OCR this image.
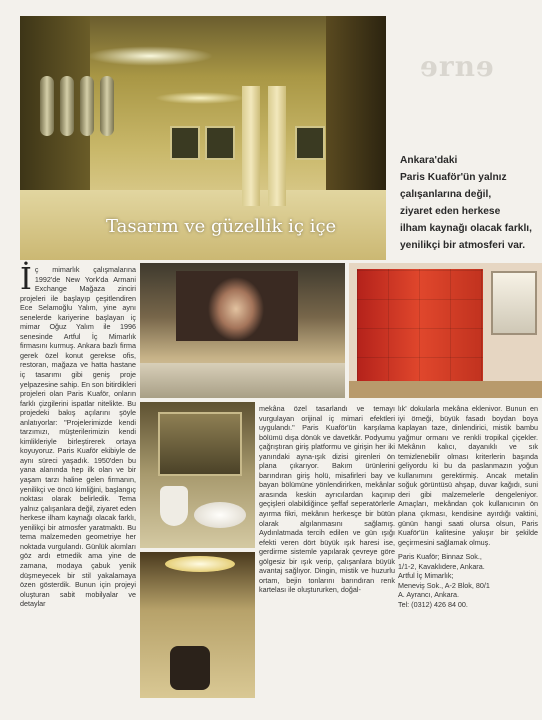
ɘrnɘ
Tasarım ve güzellik iç içe

Ankara'daki

Paris Kuaför'ün yalnız

çalışanlarına değil,

ziyaret eden herkese

ilham kaynağı olacak farklı,

yenilikçi bir atmosferi var.

İ ç mimarlık çalışmalarına 1992'de New York'da Armani Exchange Mağaza zinciri projeleri ile başlayıp çeşitlendiren Ece Selamoğlu Yalım, yine aynı senelerde kariyerine başlayan iç mimar Oğuz Yalım ile 1996 senesinde Artful İç Mimarlık firmasını kurmuş. Ankara bazlı firma gerek özel konut gerekse ofis, restoran, mağaza ve hatta hastane iç tasarımı gibi geniş proje yelpazesine sahip. En son bitirdikleri projeleri olan Paris Kuaför, onların farklı çizgilerini ispatlar nitelikte. Bu projedeki bakış açılarını şöyle anlatıyorlar: "Projelerimizde kendi tarzımızı, müşterilerimizin kendi kimlikleriyle birleştirerek ortaya koyuyoruz. Paris Kuaför ekibiyle de aynı süreci yaşadık. 1950'den bu yana alanında hep ilk olan ve bir yaşam tarzı haline gelen firmanın, yenilikçi ve öncü kimliğini, başlangıç noktası olarak belirledik. Tema yalnız çalışanlara değil, ziyaret eden herkese ilham kaynağı olacak farklı, yenilikçi bir atmosfer yaratmaktı. Bu tema malzemeden geometriye her noktada vurgulandı. Günlük akımları göz ardı etmedik ama yine de zamana, modaya çabuk yenik düşmeyecek bir stil yakalamaya özen gösterdik. Bunun için projeyi oluşturan sabit mobilyalar ve detaylar

mekâna özel tasarlandı ve temayı vurgulayan orijinal iç mimari efektleri uygulandı." Paris Kuaför'ün karşılama bölümü dışa dönük ve davetkâr. Podyumu çağrıştıran giriş platformu ve girişin her iki yanındaki ayna-ışık dizisi girenleri ön plana çıkarıyor. Bakım ürünlerini barındıran giriş holü, misafirleri bay ve bayan bölümüne yönlendirirken, mekânlar arasında keskin ayrıcılardan kaçınıp geçişleri olabildiğince şeffaf seperatörlerle ayırma fikri, mekânın herkesçe bir bütün olarak algılanmasını sağlamış. Aydınlatmada tercih edilen ve gün ışığı efekti veren dört büyük ışık haresi ise, gerdirme sistemle yapılarak çevreye göre gölgesiz bir ışık verip, çalışanlara büyük avantaj sağlıyor. Dingin, mistik ve huzurlu ortam, bejin tonlarını barındıran renk kartelası ile oluştururken, doğal-

lık' dokularla mekâna eklenivor. Bunun en iyi örneği, büyük fasadı boydan boya kaplayan taze, dinlendirici, mistik bambu yağmur ormanı ve renkli tropikal çiçekler. Mekânın kalıcı, dayanıklı ve sık temizlenebilir olması kriterlerin başında geliyordu ki bu da paslanmazın yoğun kullanımını gerektirmiş. Ancak metalin soğuk görüntüsü ahşap, duvar kağıdı, suni deri gibi malzemelerle dengeleniyor. Amaçları, mekândan çok kullanıcının ön plana çıkması, kendisine ayırdığı vaktini, günün hangi saati olursa olsun, Paris Kuaför'ün kalitesine yakışır bir şekilde geçirmesini sağlamak olmuş.

Paris Kuaför; Binnaz Sok.,

1/1-2, Kavaklıdere, Ankara.

Artful İç Mimarlık;

Meneviş Sok., A-2 Blok, 80/1

A. Ayrancı, Ankara.

Tel: (0312) 426 84 00.
